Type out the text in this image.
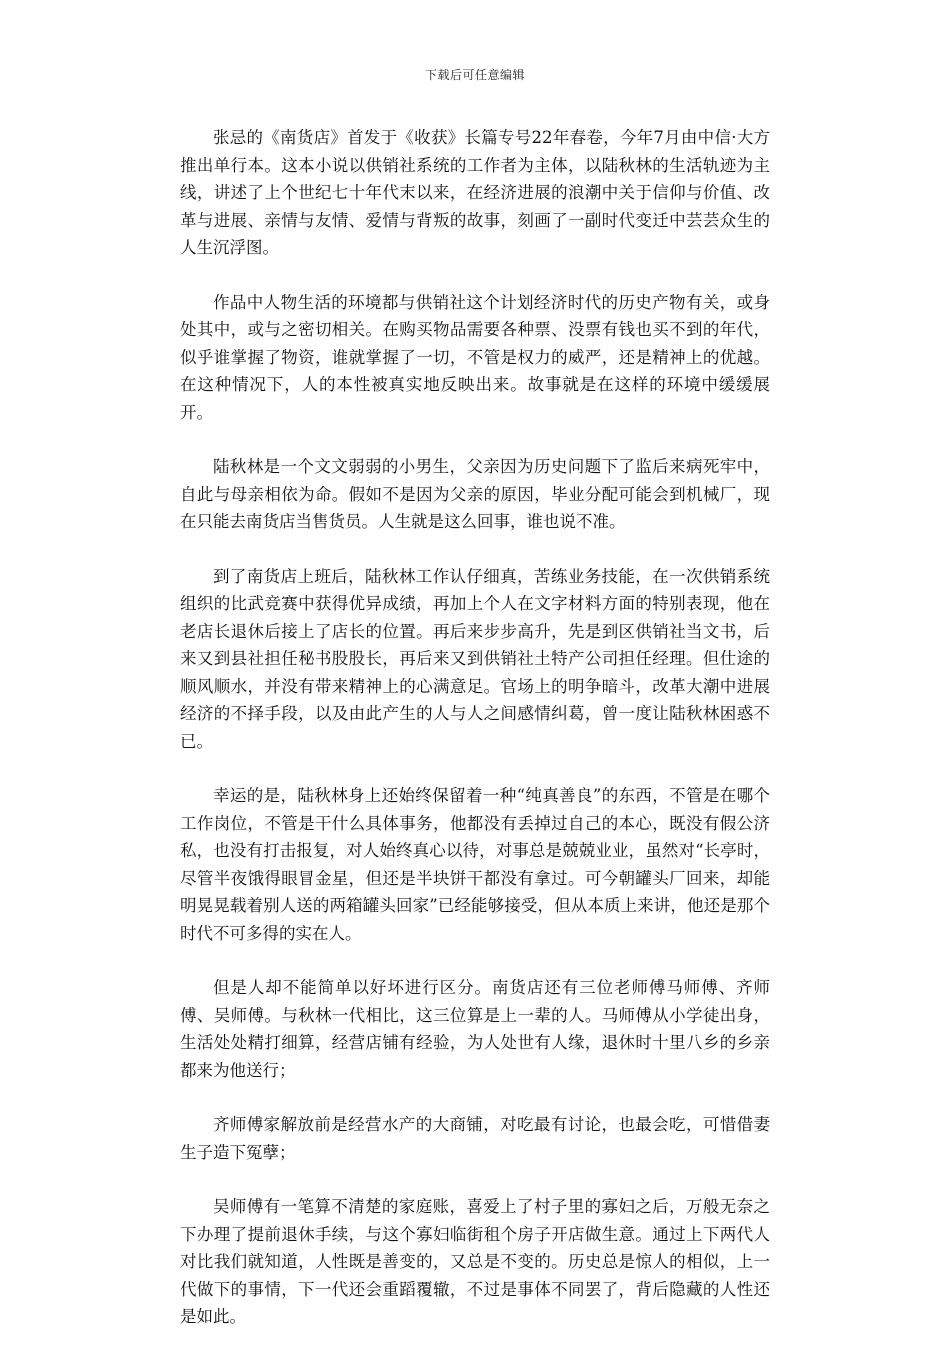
下载后可任意编辑

张忌的《南货店》首发于《收获》长篇专号22年春卷，今年7月由中信·大方推出单行本。这本小说以供销社系统的工作者为主体，以陆秋林的生活轨迹为主线，讲述了上个世纪七十年代末以来，在经济进展的浪潮中关于信仰与价值、改革与进展、亲情与友情、爱情与背叛的故事，刻画了一副时代变迁中芸芸众生的人生沉浮图。

作品中人物生活的环境都与供销社这个计划经济时代的历史产物有关，或身处其中，或与之密切相关。在购买物品需要各种票、没票有钱也买不到的年代，似乎谁掌握了物资，谁就掌握了一切，不管是权力的威严，还是精神上的优越。在这种情况下，人的本性被真实地反映出来。故事就是在这样的环境中缓缓展开。

陆秋林是一个文文弱弱的小男生，父亲因为历史问题下了监后来病死牢中，自此与母亲相依为命。假如不是因为父亲的原因，毕业分配可能会到机械厂，现在只能去南货店当售货员。人生就是这么回事，谁也说不准。

到了南货店上班后，陆秋林工作认仔细真，苦练业务技能，在一次供销系统组织的比武竞赛中获得优异成绩，再加上个人在文字材料方面的特别表现，他在老店长退休后接上了店长的位置。再后来步步高升，先是到区供销社当文书，后来又到县社担任秘书股股长，再后来又到供销社土特产公司担任经理。但仕途的顺风顺水，并没有带来精神上的心满意足。官场上的明争暗斗，改革大潮中进展经济的不择手段，以及由此产生的人与人之间感情纠葛，曾一度让陆秋林困惑不已。

幸运的是，陆秋林身上还始终保留着一种“纯真善良”的东西，不管是在哪个工作岗位，不管是干什么具体事务，他都没有丢掉过自己的本心，既没有假公济私，也没有打击报复，对人始终真心以待，对事总是兢兢业业，虽然对“长亭时，尽管半夜饿得眼冒金星，但还是半块饼干都没有拿过。可今朝罐头厂回来，却能明晃晃载着别人送的两箱罐头回家”已经能够接受，但从本质上来讲，他还是那个时代不可多得的实在人。

但是人却不能简单以好坏进行区分。南货店还有三位老师傅马师傅、齐师傅、吴师傅。与秋林一代相比，这三位算是上一辈的人。马师傅从小学徒出身，生活处处精打细算，经营店铺有经验，为人处世有人缘，退休时十里八乡的乡亲都来为他送行；

齐师傅家解放前是经营水产的大商铺，对吃最有讨论，也最会吃，可惜借妻生子造下冤孽；

吴师傅有一笔算不清楚的家庭账，喜爱上了村子里的寡妇之后，万般无奈之下办理了提前退休手续，与这个寡妇临街租个房子开店做生意。通过上下两代人对比我们就知道，人性既是善变的，又总是不变的。历史总是惊人的相似，上一代做下的事情，下一代还会重蹈覆辙，不过是事体不同罢了，背后隐藏的人性还是如此。
